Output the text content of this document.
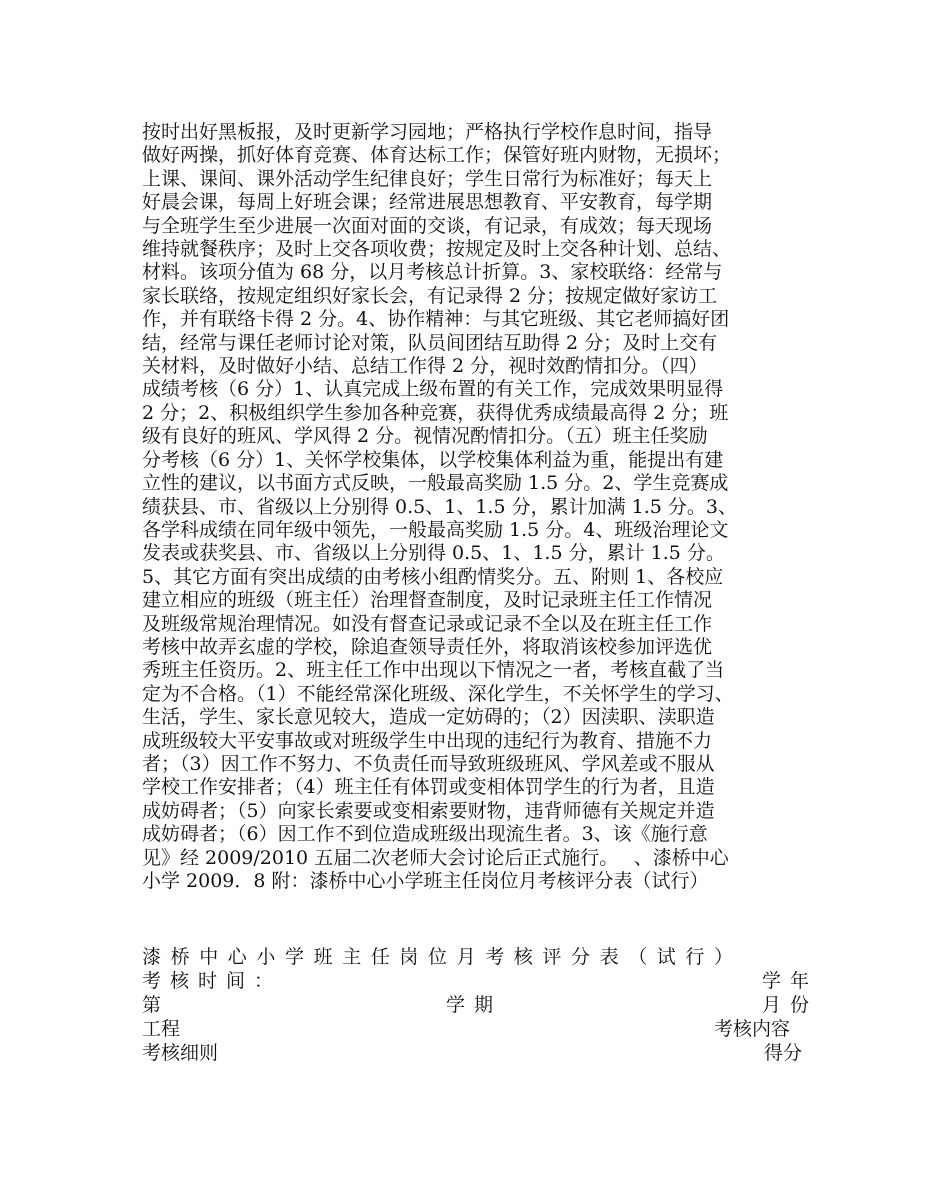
按时出好黑板报，及时更新学习园地；严格执行学校作息时间，指导
做好两操，抓好体育竞赛、体育达标工作；保管好班内财物，无损坏；
上课、课间、课外活动学生纪律良好；学生日常行为标准好；每天上
好晨会课，每周上好班会课；经常进展思想教育、平安教育，每学期
与全班学生至少进展一次面对面的交谈，有记录，有成效；每天现场
维持就餐秩序；及时上交各项收费；按规定及时上交各种计划、总结、
材料。该项分值为 68 分，以月考核总计折算。3、家校联络：经常与
家长联络，按规定组织好家长会，有记录得 2 分；按规定做好家访工
作，并有联络卡得 2 分。4、协作精神：与其它班级、其它老师搞好团
结，经常与课任老师讨论对策，队员间团结互助得 2 分；及时上交有
关材料，及时做好小结、总结工作得 2 分，视时效酌情扣分。（四）
成绩考核（6 分）1、认真完成上级布置的有关工作，完成效果明显得
2 分；2、积极组织学生参加各种竞赛，获得优秀成绩最高得 2 分；班
级有良好的班风、学风得 2 分。视情况酌情扣分。（五）班主任奖励
分考核（6 分）1、关怀学校集体，以学校集体利益为重，能提出有建
立性的建议，以书面方式反映，一般最高奖励 1.5 分。2、学生竞赛成
绩获县、市、省级以上分别得 0.5、1、1.5 分，累计加满 1.5 分。3、
各学科成绩在同年级中领先，一般最高奖励 1.5 分。4、班级治理论文
发表或获奖县、市、省级以上分别得 0.5、1、1.5 分，累计 1.5 分。
5、其它方面有突出成绩的由考核小组酌情奖分。五、附则 1、各校应
建立相应的班级（班主任）治理督查制度，及时记录班主任工作情况
及班级常规治理情况。如没有督查记录或记录不全以及在班主任工作
考核中故弄玄虚的学校，除追查领导责任外，将取消该校参加评选优
秀班主任资历。2、班主任工作中出现以下情况之一者，考核直截了当
定为不合格。（1）不能经常深化班级、深化学生，不关怀学生的学习、
生活，学生、家长意见较大，造成一定妨碍的；（2）因渎职、渎职造
成班级较大平安事故或对班级学生中出现的违纪行为教育、措施不力
者；（3）因工作不努力、不负责任而导致班级班风、学风差或不服从
学校工作安排者；（4）班主任有体罚或变相体罚学生的行为者，且造
成妨碍者；（5）向家长索要或变相索要财物，违背师德有关规定并造
成妨碍者；（6）因工作不到位造成班级出现流生者。3、该《施行意
见》经 2009/2010 五届二次老师大会讨论后正式施行。　 、漆桥中心
小学 2009．8 附：漆桥中心小学班主任岗位月考核评分表（试行）
漆桥中心小学班主任岗位月考核评分表（试行）
考核时间：	学年
第	学期	月份
工程	考核内容
考核细则	得分
